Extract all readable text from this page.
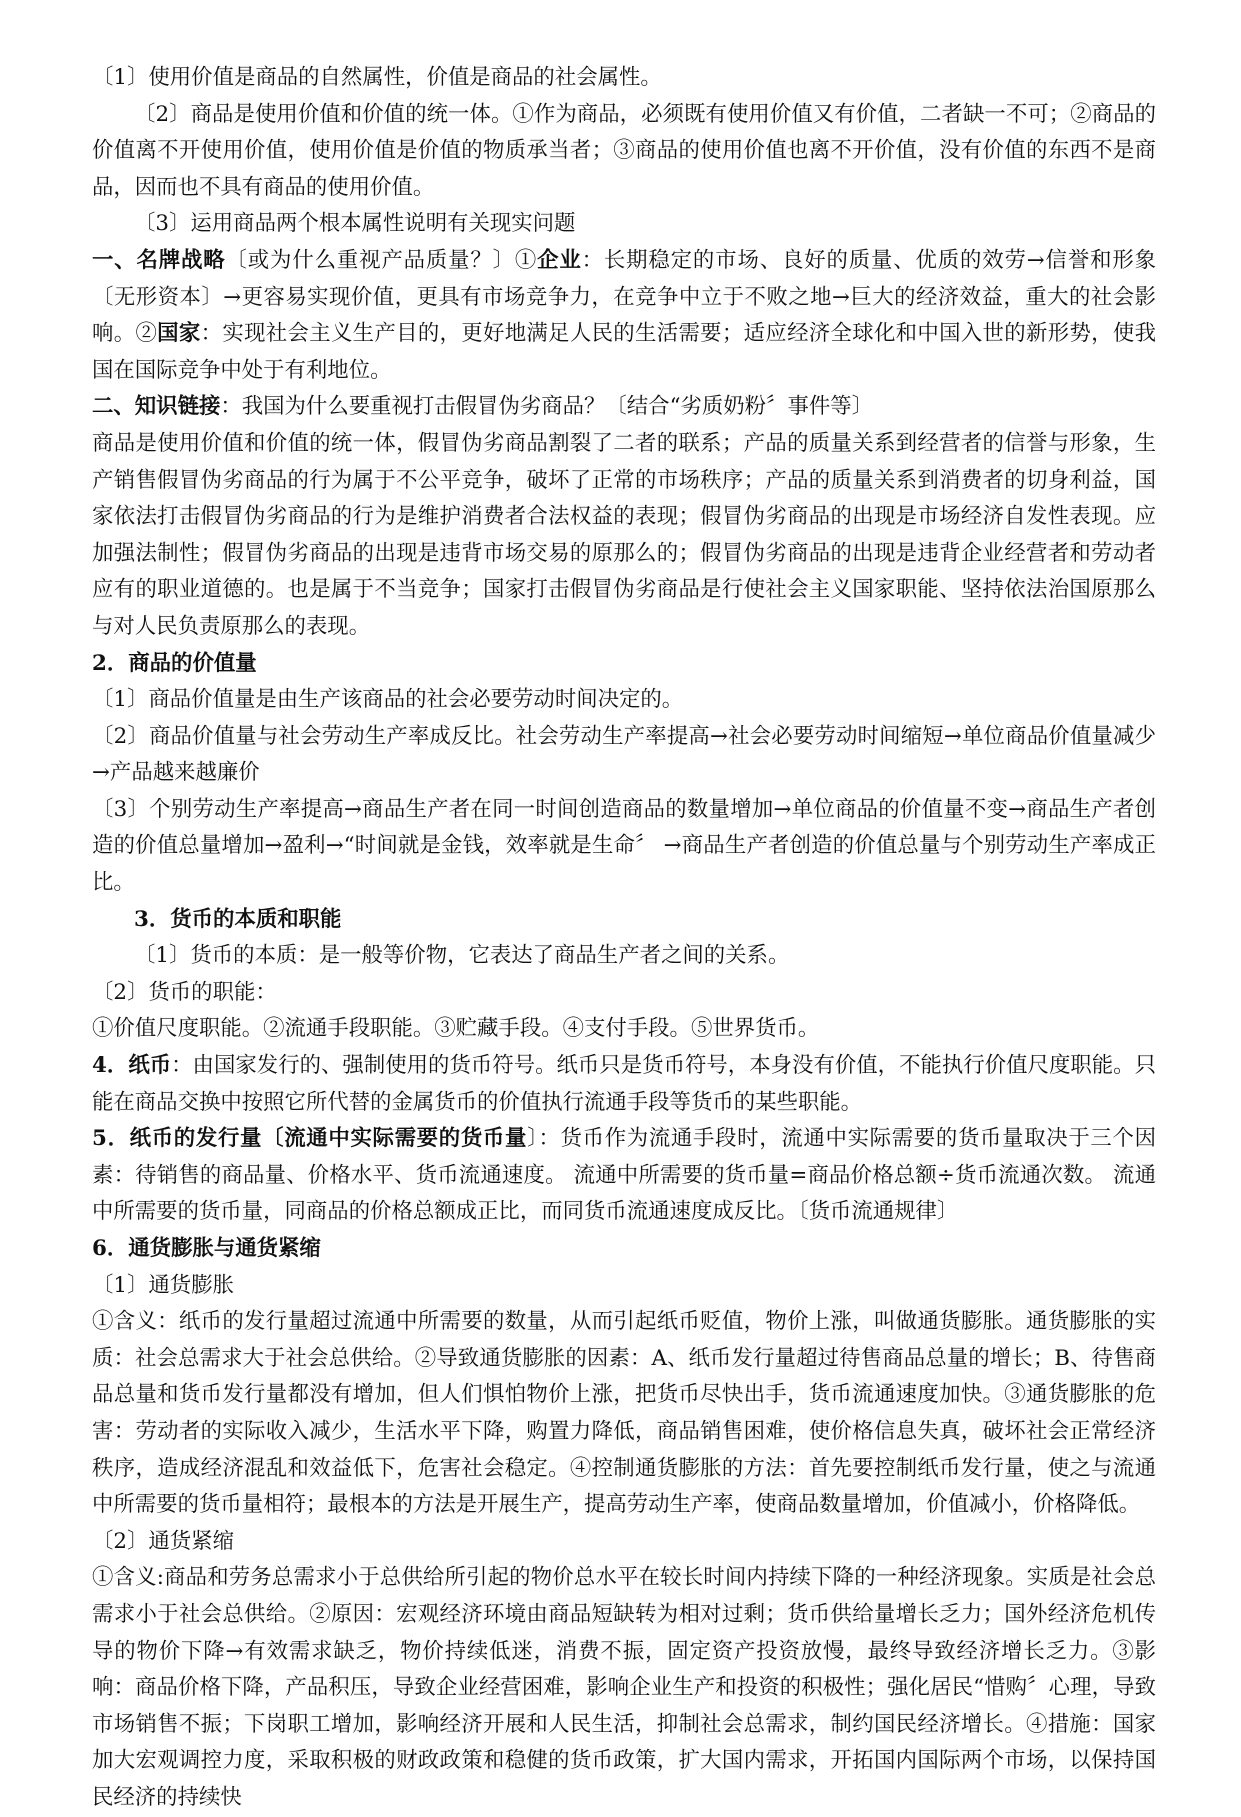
〔1〕使用价值是商品的自然属性，价值是商品的社会属性。

〔2〕商品是使用价值和价值的统一体。①作为商品，必须既有使用价值又有价值，二者缺一不可；②商品的价值离不开使用价值，使用价值是价值的物质承当者；③商品的使用价值也离不开价值，没有价值的东西不是商品，因而也不具有商品的使用价值。

〔3〕运用商品两个根本属性说明有关现实问题

一、名牌战略〔或为什么重视产品质量？〕①企业：长期稳定的市场、良好的质量、优质的效劳→信誉和形象〔无形资本〕→更容易实现价值，更具有市场竞争力，在竞争中立于不败之地→巨大的经济效益，重大的社会影响。②国家：实现社会主义生产目的，更好地满足人民的生活需要；适应经济全球化和中国入世的新形势，使我国在国际竞争中处于有利地位。

二、知识链接：我国为什么要重视打击假冒伪劣商品？〔结合“劣质奶粉〞事件等〕

商品是使用价值和价值的统一体，假冒伪劣商品割裂了二者的联系；产品的质量关系到经营者的信誉与形象，生产销售假冒伪劣商品的行为属于不公平竞争，破坏了正常的市场秩序；产品的质量关系到消费者的切身利益，国家依法打击假冒伪劣商品的行为是维护消费者合法权益的表现；假冒伪劣商品的出现是市场经济自发性表现。应加强法制性；假冒伪劣商品的出现是违背市场交易的原那么的；假冒伪劣商品的出现是违背企业经营者和劳动者应有的职业道德的。也是属于不当竞争；国家打击假冒伪劣商品是行使社会主义国家职能、坚持依法治国原那么与对人民负责原那么的表现。

2．商品的价值量

〔1〕商品价值量是由生产该商品的社会必要劳动时间决定的。

〔2〕商品价值量与社会劳动生产率成反比。社会劳动生产率提高→社会必要劳动时间缩短→单位商品价值量减少→产品越来越廉价

〔3〕个别劳动生产率提高→商品生产者在同一时间创造商品的数量增加→单位商品的价值量不变→商品生产者创造的价值总量增加→盈利→“时间就是金钱，效率就是生命〞 →商品生产者创造的价值总量与个别劳动生产率成正比。

3．货币的本质和职能

〔1〕货币的本质：是一般等价物，它表达了商品生产者之间的关系。

〔2〕货币的职能：

①价值尺度职能。②流通手段职能。③贮藏手段。④支付手段。⑤世界货币。

4．纸币：由国家发行的、强制使用的货币符号。纸币只是货币符号，本身没有价值，不能执行价值尺度职能。只能在商品交换中按照它所代替的金属货币的价值执行流通手段等货币的某些职能。

5．纸币的发行量〔流通中实际需要的货币量〕：货币作为流通手段时，流通中实际需要的货币量取决于三个因素：待销售的商品量、价格水平、货币流通速度。 流通中所需要的货币量=商品价格总额÷货币流通次数。 流通中所需要的货币量，同商品的价格总额成正比，而同货币流通速度成反比。〔货币流通规律〕

6．通货膨胀与通货紧缩

〔1〕通货膨胀

①含义：纸币的发行量超过流通中所需要的数量，从而引起纸币贬值，物价上涨，叫做通货膨胀。通货膨胀的实质：社会总需求大于社会总供给。②导致通货膨胀的因素：A、纸币发行量超过待售商品总量的增长；B、待售商品总量和货币发行量都没有增加，但人们惧怕物价上涨，把货币尽快出手，货币流通速度加快。③通货膨胀的危害：劳动者的实际收入减少，生活水平下降，购置力降低，商品销售困难，使价格信息失真，破坏社会正常经济秩序，造成经济混乱和效益低下，危害社会稳定。④控制通货膨胀的方法：首先要控制纸币发行量，使之与流通中所需要的货币量相符；最根本的方法是开展生产，提高劳动生产率，使商品数量增加，价值减小，价格降低。

〔2〕通货紧缩

①含义:商品和劳务总需求小于总供给所引起的物价总水平在较长时间内持续下降的一种经济现象。实质是社会总需求小于社会总供给。②原因：宏观经济环境由商品短缺转为相对过剩；货币供给量增长乏力；国外经济危机传导的物价下降→有效需求缺乏，物价持续低迷，消费不振，固定资产投资放慢，最终导致经济增长乏力。③影响：商品价格下降，产品积压，导致企业经营困难，影响企业生产和投资的积极性；强化居民“惜购〞心理，导致市场销售不振；下岗职工增加，影响经济开展和人民生活，抑制社会总需求，制约国民经济增长。④措施：国家加大宏观调控力度，采取积极的财政政策和稳健的货币政策，扩大国内需求，开拓国内国际两个市场，以保持国民经济的持续快
